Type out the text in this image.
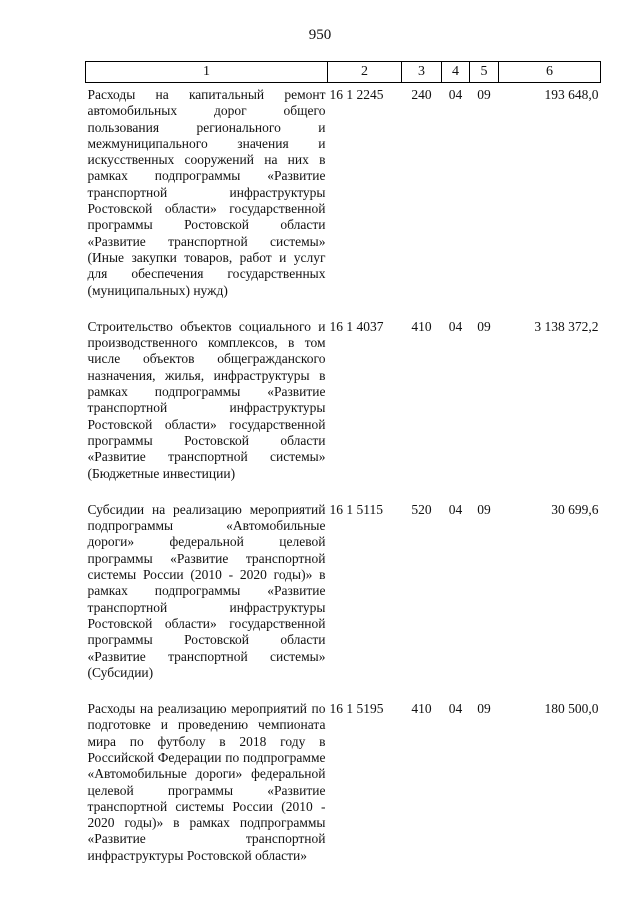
950
1	2	3	4	5	6
Расходы на капитальный ремонт автомобильных дорог общего пользования регионального и межмуниципального значения и искусственных сооружений на них в рамках подпрограммы «Развитие транспортной инфраструктуры Ростовской области» государственной программы Ростовской области «Развитие транспортной системы» (Иные закупки товаров, работ и услуг для обеспечения государственных (муниципальных) нужд)	16 1 2245	240	04	09	193 648,0
Строительство объектов социального и производственного комплексов, в том числе объектов общегражданского назначения, жилья, инфраструктуры в рамках подпрограммы «Развитие транспортной инфраструктуры Ростовской области» государственной программы Ростовской области «Развитие транспортной системы» (Бюджетные инвестиции)	16 1 4037	410	04	09	3 138 372,2
Субсидии на реализацию мероприятий подпрограммы «Автомобильные дороги» федеральной целевой программы «Развитие транспортной системы России (2010 - 2020 годы)» в рамках подпрограммы «Развитие транспортной инфраструктуры Ростовской области» государственной программы Ростовской области «Развитие транспортной системы» (Субсидии)	16 1 5115	520	04	09	30 699,6
Расходы на реализацию мероприятий по подготовке и проведению чемпионата мира по футболу в 2018 году в Российской Федерации по подпрограмме «Автомобильные дороги» федеральной целевой программы «Развитие транспортной системы России (2010 - 2020 годы)» в рамках подпрограммы «Развитие транспортной инфраструктуры Ростовской области»	16 1 5195	410	04	09	180 500,0
